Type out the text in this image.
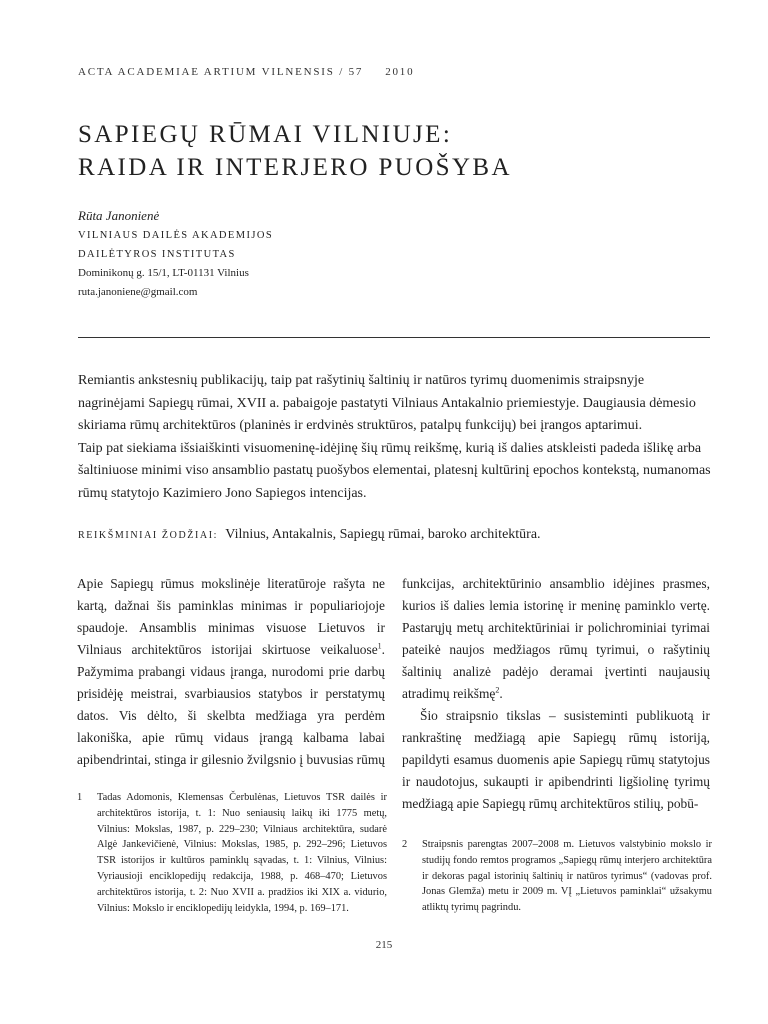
ACTA ACADEMIAE ARTIUM VILNENSIS / 57 2010
SAPIEGŲ RŪMAI VILNIUJE:
RAIDA IR INTERJERO PUOŠYBA
Rūta Janonienė
VILNIAUS DAILĖS AKADEMIJOS
DAILĖTYROS INSTITUTAS
Dominikonų g. 15/1, LT-01131 Vilnius
ruta.janoniene@gmail.com

Remiantis ankstesnių publikacijų, taip pat rašytinių šaltinių ir natūros tyrimų duomenimis straipsnyje nagrinėjami Sapiegų rūmai, XVII a. pabaigoje pastatyti Vilniaus Antakalnio priemiestyje. Daugiausia dėmesio skiriama rūmų architektūros (planinės ir erdvinės struktūros, patalpų funkcijų) bei įrangos aptarimui.

Taip pat siekiama išsiaiškinti visuomeninę-idėjinę šių rūmų reikšmę, kurią iš dalies atskleisti padeda išlikę arba šaltiniuose minimi viso ansamblio pastatų puošybos elementai, platesnį kultūrinį epochos kontekstą, numanomas rūmų statytojo Kazimiero Jono Sapiegos intencijas.

REIKŠMINIAI ŽODŽIAI: Vilnius, Antakalnis, Sapiegų rūmai, baroko architektūra.

Apie Sapiegų rūmus mokslinėje literatūroje rašyta ne kartą, dažnai šis paminklas minimas ir populiariojoje spaudoje. Ansamblis minimas visuose Lietuvos ir Vilniaus architektūros istorijai skirtuose veikaluose$^1$. Pažymima prabangi vidaus įranga, nurodomi prie darbų prisidėję meistrai, svarbiausios statybos ir perstatymų datos. Vis dėlto, ši skelbta medžiaga yra perdėm lakoniška, apie rūmų vidaus įrangą kalbama labai apibendrintai, stinga ir gilesnio žvilgsnio į buvusias rūmų

funkcijas, architektūrinio ansamblio idėjines prasmes, kurios iš dalies lemia istorinę ir meninę paminklo vertę. Pastarųjų metų architektūriniai ir polichrominiai tyrimai pateikė naujos medžiagos rūmų tyrimui, o rašytinių šaltinių analizė padėjo deramai įvertinti naujausių atradimų reikšmę$^2$.

Šio straipsnio tikslas – susisteminti publikuotą ir rankraštinę medžiagą apie Sapiegų rūmų istoriją, papildyti esamus duomenis apie Sapiegų rūmų statytojus ir naudotojus, sukaupti ir apibendrinti ligšiolinę tyrimų medžiagą apie Sapiegų rūmų architektūros stilių, pobū-

1 Tadas Adomonis, Klemensas Čerbulėnas, Lietuvos TSR dailės ir architektūros istorija, t. 1: Nuo seniausių laikų iki 1775 metų, Vilnius: Mokslas, 1987, p. 229–230; Vilniaus architektūra, sudarė Algė Jankevičienė, Vilnius: Mokslas, 1985, p. 292–296; Lietuvos TSR istorijos ir kultūros paminklų sąvadas, t. 1: Vilnius, Vilnius: Vyriausioji enciklopedijų redakcija, 1988, p. 468–470; Lietuvos architektūros istorija, t. 2: Nuo XVII a. pradžios iki XIX a. vidurio, Vilnius: Mokslo ir enciklopedijų leidykla, 1994, p. 169–171.
2 Straipsnis parengtas 2007–2008 m. Lietuvos valstybinio mokslo ir studijų fondo remtos programos „Sapiegų rūmų interjero architektūra ir dekoras pagal istorinių šaltinių ir natūros tyrimus“ (vadovas prof. Jonas Glemža) metu ir 2009 m. VĮ „Lietuvos paminklai“ užsakymu atliktų tyrimų pagrindu.
215
